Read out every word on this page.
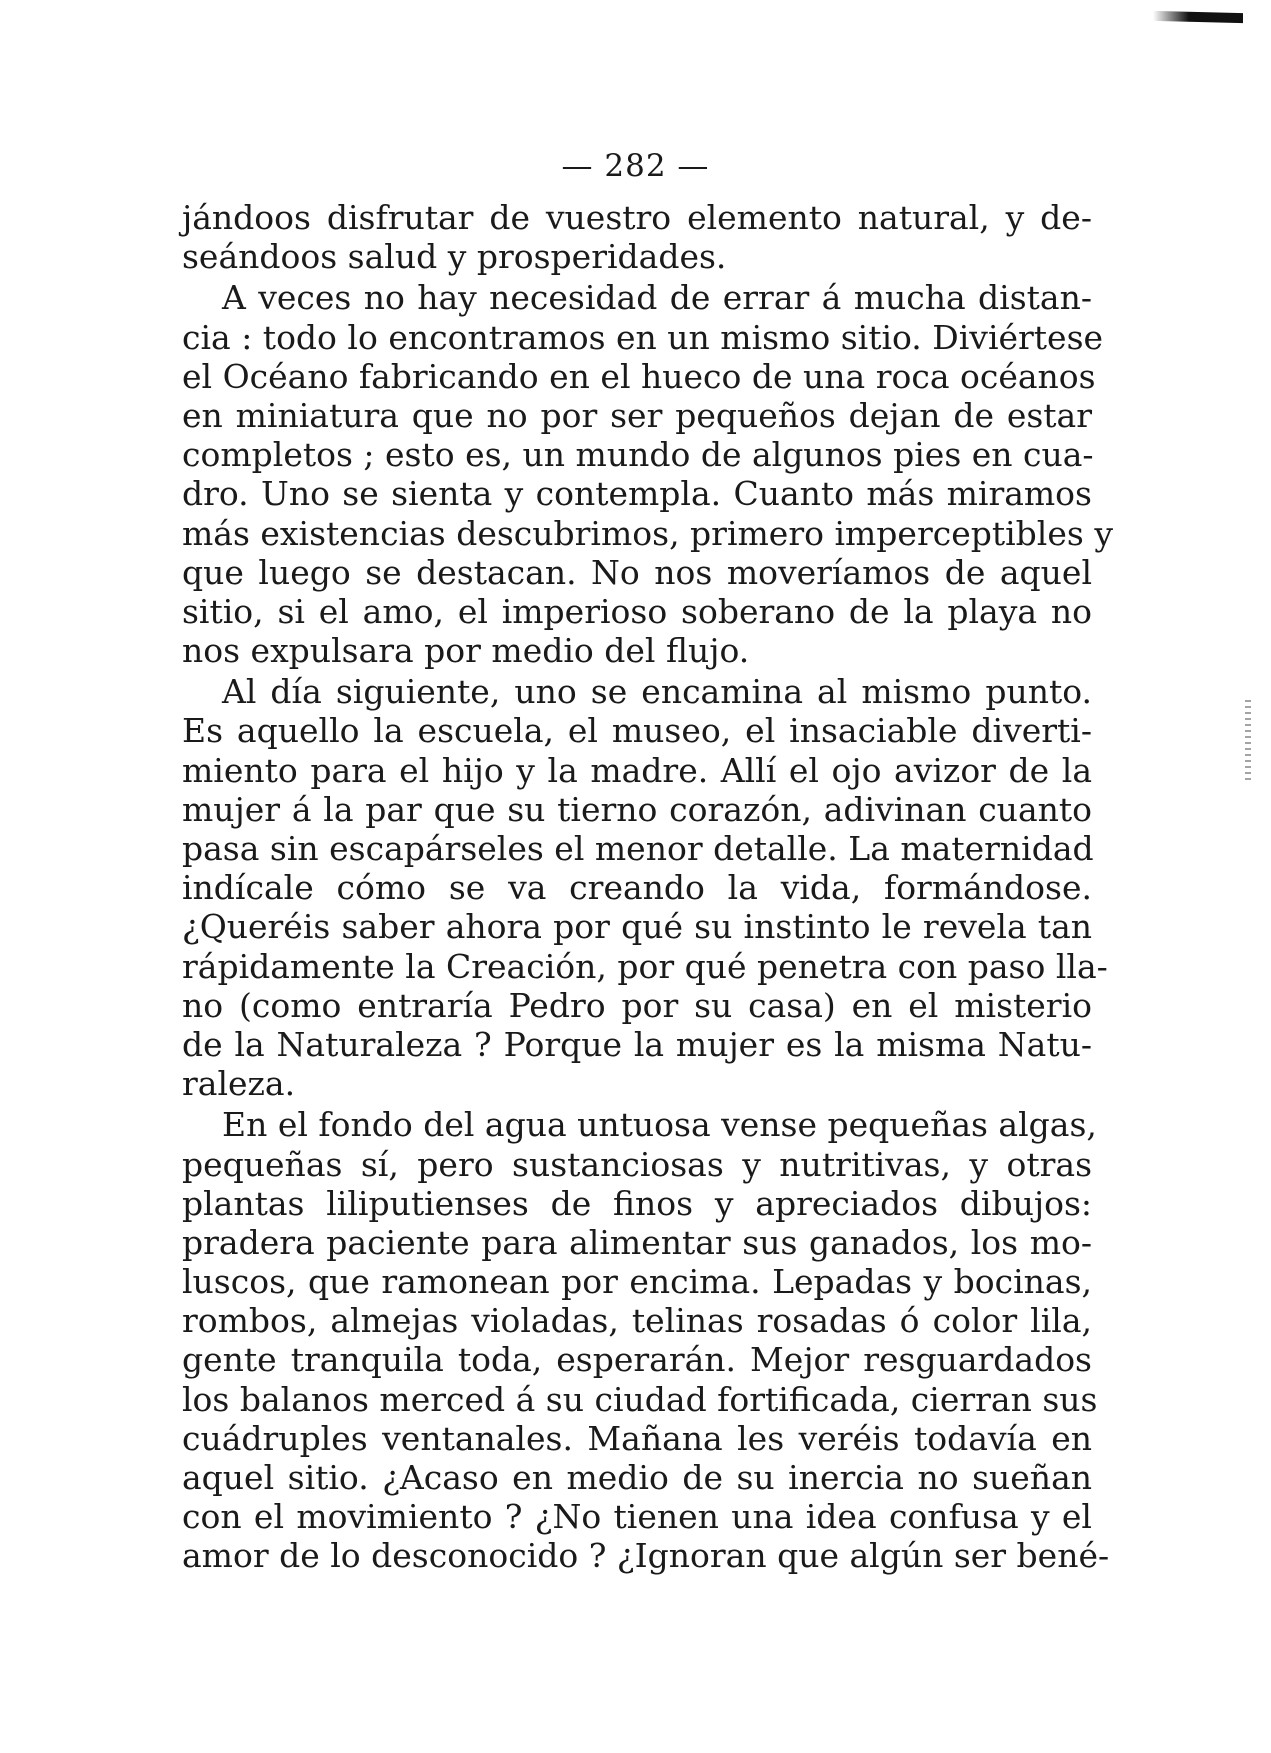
— 282 —
jándoos disfrutar de vuestro elemento natural, y de-
seándoos salud y prosperidades.
A veces no hay necesidad de errar á mucha distan-
cia : todo lo encontramos en un mismo sitio. Diviértese
el Océano fabricando en el hueco de una roca océanos
en miniatura que no por ser pequeños dejan de estar
completos ; esto es, un mundo de algunos pies en cua-
dro. Uno se sienta y contempla. Cuanto más miramos
más existencias descubrimos, primero imperceptibles y
que luego se destacan. No nos moveríamos de aquel
sitio, si el amo, el imperioso soberano de la playa no
nos expulsara por medio del flujo.
Al día siguiente, uno se encamina al mismo punto.
Es aquello la escuela, el museo, el insaciable diverti-
miento para el hijo y la madre. Allí el ojo avizor de la
mujer á la par que su tierno corazón, adivinan cuanto
pasa sin escapárseles el menor detalle. La maternidad
indícale cómo se va creando la vida, formándose.
¿Queréis saber ahora por qué su instinto le revela tan
rápidamente la Creación, por qué penetra con paso lla-
no (como entraría Pedro por su casa) en el misterio
de la Naturaleza ? Porque la mujer es la misma Natu-
raleza.
En el fondo del agua untuosa vense pequeñas algas,
pequeñas sí, pero sustanciosas y nutritivas, y otras
plantas liliputienses de finos y apreciados dibujos:
pradera paciente para alimentar sus ganados, los mo-
luscos, que ramonean por encima. Lepadas y bocinas,
rombos, almejas violadas, telinas rosadas ó color lila,
gente tranquila toda, esperarán. Mejor resguardados
los balanos merced á su ciudad fortificada, cierran sus
cuádruples ventanales. Mañana les veréis todavía en
aquel sitio. ¿Acaso en medio de su inercia no sueñan
con el movimiento ? ¿No tienen una idea confusa y el
amor de lo desconocido ? ¿Ignoran que algún ser bené-
